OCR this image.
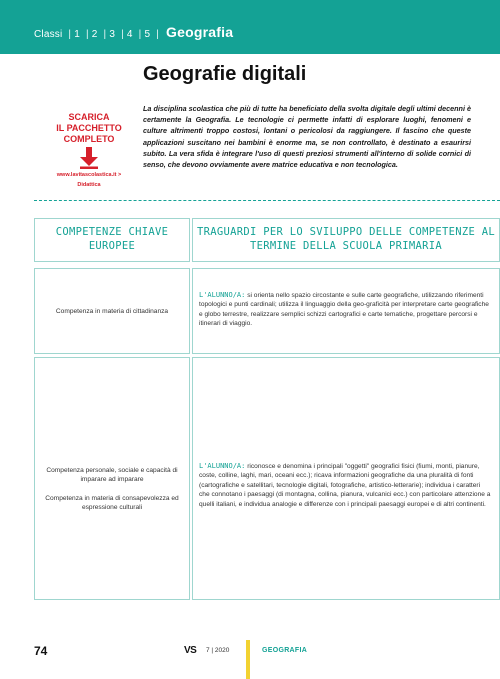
Classi | 1 | 2 | 3 | 4 | 5 | Geografia
Geografie digitali
SCARICA
IL PACCHETTO
COMPLETO
www.lavitascolastica.it >
Didattica
La disciplina scolastica che più di tutte ha beneficiato della svolta digitale degli ultimi decenni è certamente la Geografia. Le tecnologie ci permette infatti di esplorare luoghi, fenomeni e culture altrimenti troppo costosi, lontani o pericolosi da raggiungere. Il fascino che queste applicazioni suscitano nei bambini è enorme ma, se non controllato, è destinato a esaurirsi subito. La vera sfida è integrare l'uso di questi preziosi strumenti all'interno di solide cornici di senso, che devono ovviamente avere matrice educativa e non tecnologica.
COMPETENZE CHIAVE EUROPEE
TRAGUARDI PER LO SVILUPPO DELLE COMPETENZE AL TERMINE DELLA SCUOLA PRIMARIA
Competenza in materia di cittadinanza
L'ALUNNO/A: si orienta nello spazio circostante e sulle carte geografiche, utilizzando riferimenti topologici e punti cardinali; utilizza il linguaggio della geo-graficità per interpretare carte geografiche e globo terrestre, realizzare semplici schizzi cartografici e carte tematiche, progettare percorsi e itinerari di viaggio.
Competenza personale, sociale e capacità di imparare ad imparare
Competenza in materia di consapevolezza ed espressione culturali
L'ALUNNO/A: riconosce e denomina i principali "oggetti" geografici fisici (fiumi, monti, pianure, coste, colline, laghi, mari, oceani ecc.); ricava informazioni geografiche da una pluralità di fonti (cartografiche e satellitari, tecnologie digitali, fotografiche, artistico-letterarie); individua i caratteri che connotano i paesaggi (di montagna, collina, pianura, vulcanici ecc.) con particolare attenzione a quelli italiani, e individua analogie e differenze con i principali paesaggi europei e di altri continenti.
74	VS 7 | 2020	GEOGRAFIA
